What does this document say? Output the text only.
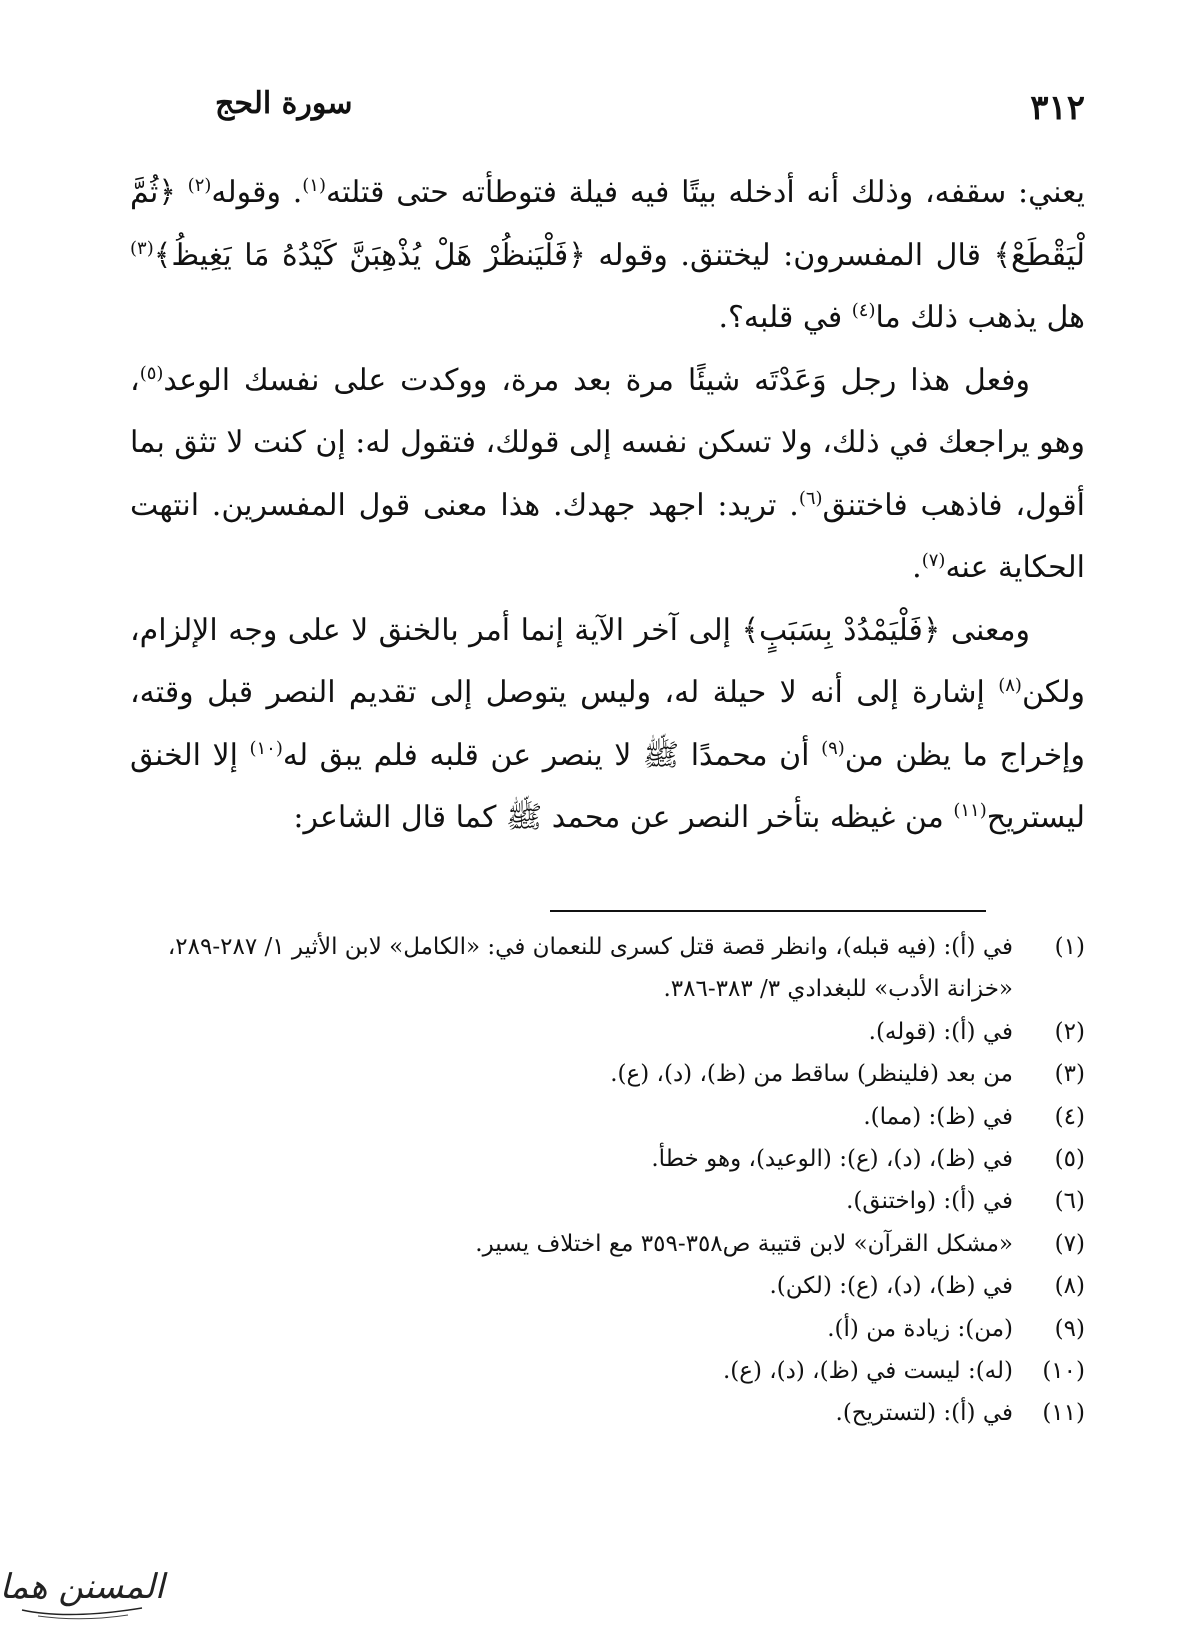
٣١٢
سورة الحج

يعني: سقفه، وذلك أنه أدخله بيتًا فيه فيلة فتوطأته حتى قتلته$^{(١)}$. وقوله$^{(٢)}$ ﴿ثُمَّ لْيَقْطَعْ﴾ قال المفسرون: ليختنق. وقوله ﴿فَلْيَنظُرْ هَلْ يُذْهِبَنَّ كَيْدُهُ مَا يَغِيظُ﴾$^{(٣)}$ هل يذهب ذلك ما$^{(٤)}$ في قلبه؟.

وفعل هذا رجل وَعَدْتَه شيئًا مرة بعد مرة، ووكدت على نفسك الوعد$^{(٥)}$، وهو يراجعك في ذلك، ولا تسكن نفسه إلى قولك، فتقول له: إن كنت لا تثق بما أقول، فاذهب فاختنق$^{(٦)}$. تريد: اجهد جهدك. هذا معنى قول المفسرين. انتهت الحكاية عنه$^{(٧)}$.

ومعنى ﴿فَلْيَمْدُدْ بِسَبَبٍ﴾ إلى آخر الآية إنما أمر بالخنق لا على وجه الإلزام، ولكن$^{(٨)}$ إشارة إلى أنه لا حيلة له، وليس يتوصل إلى تقديم النصر قبل وقته، وإخراج ما يظن من$^{(٩)}$ أن محمدًا ﷺ لا ينصر عن قلبه فلم يبق له$^{(١٠)}$ إلا الخنق ليستريح$^{(١١)}$ من غيظه بتأخر النصر عن محمد ﷺ كما قال الشاعر:

(١)
في (أ): (فيه قبله)، وانظر قصة قتل كسرى للنعمان في: «الكامل» لابن الأثير ١/ ٢٨٧-٢٨٩، «خزانة الأدب» للبغدادي ٣/ ٣٨٣-٣٨٦.
(٢)
في (أ): (قوله).
(٣)
من بعد (فلينظر) ساقط من (ظ)، (د)، (ع).
(٤)
في (ظ): (مما).
(٥)
في (ظ)، (د)، (ع): (الوعيد)، وهو خطأ.
(٦)
في (أ): (واختنق).
(٧)
«مشكل القرآن» لابن قتيبة ص٣٥٨-٣٥٩ مع اختلاف يسير.
(٨)
في (ظ)، (د)، (ع): (لكن).
(٩)
(من): زيادة من (أ).
(١٠)
(له): ليست في (ظ)، (د)، (ع).
(١١)
في (أ): (لتستريح).
المسنن هما
